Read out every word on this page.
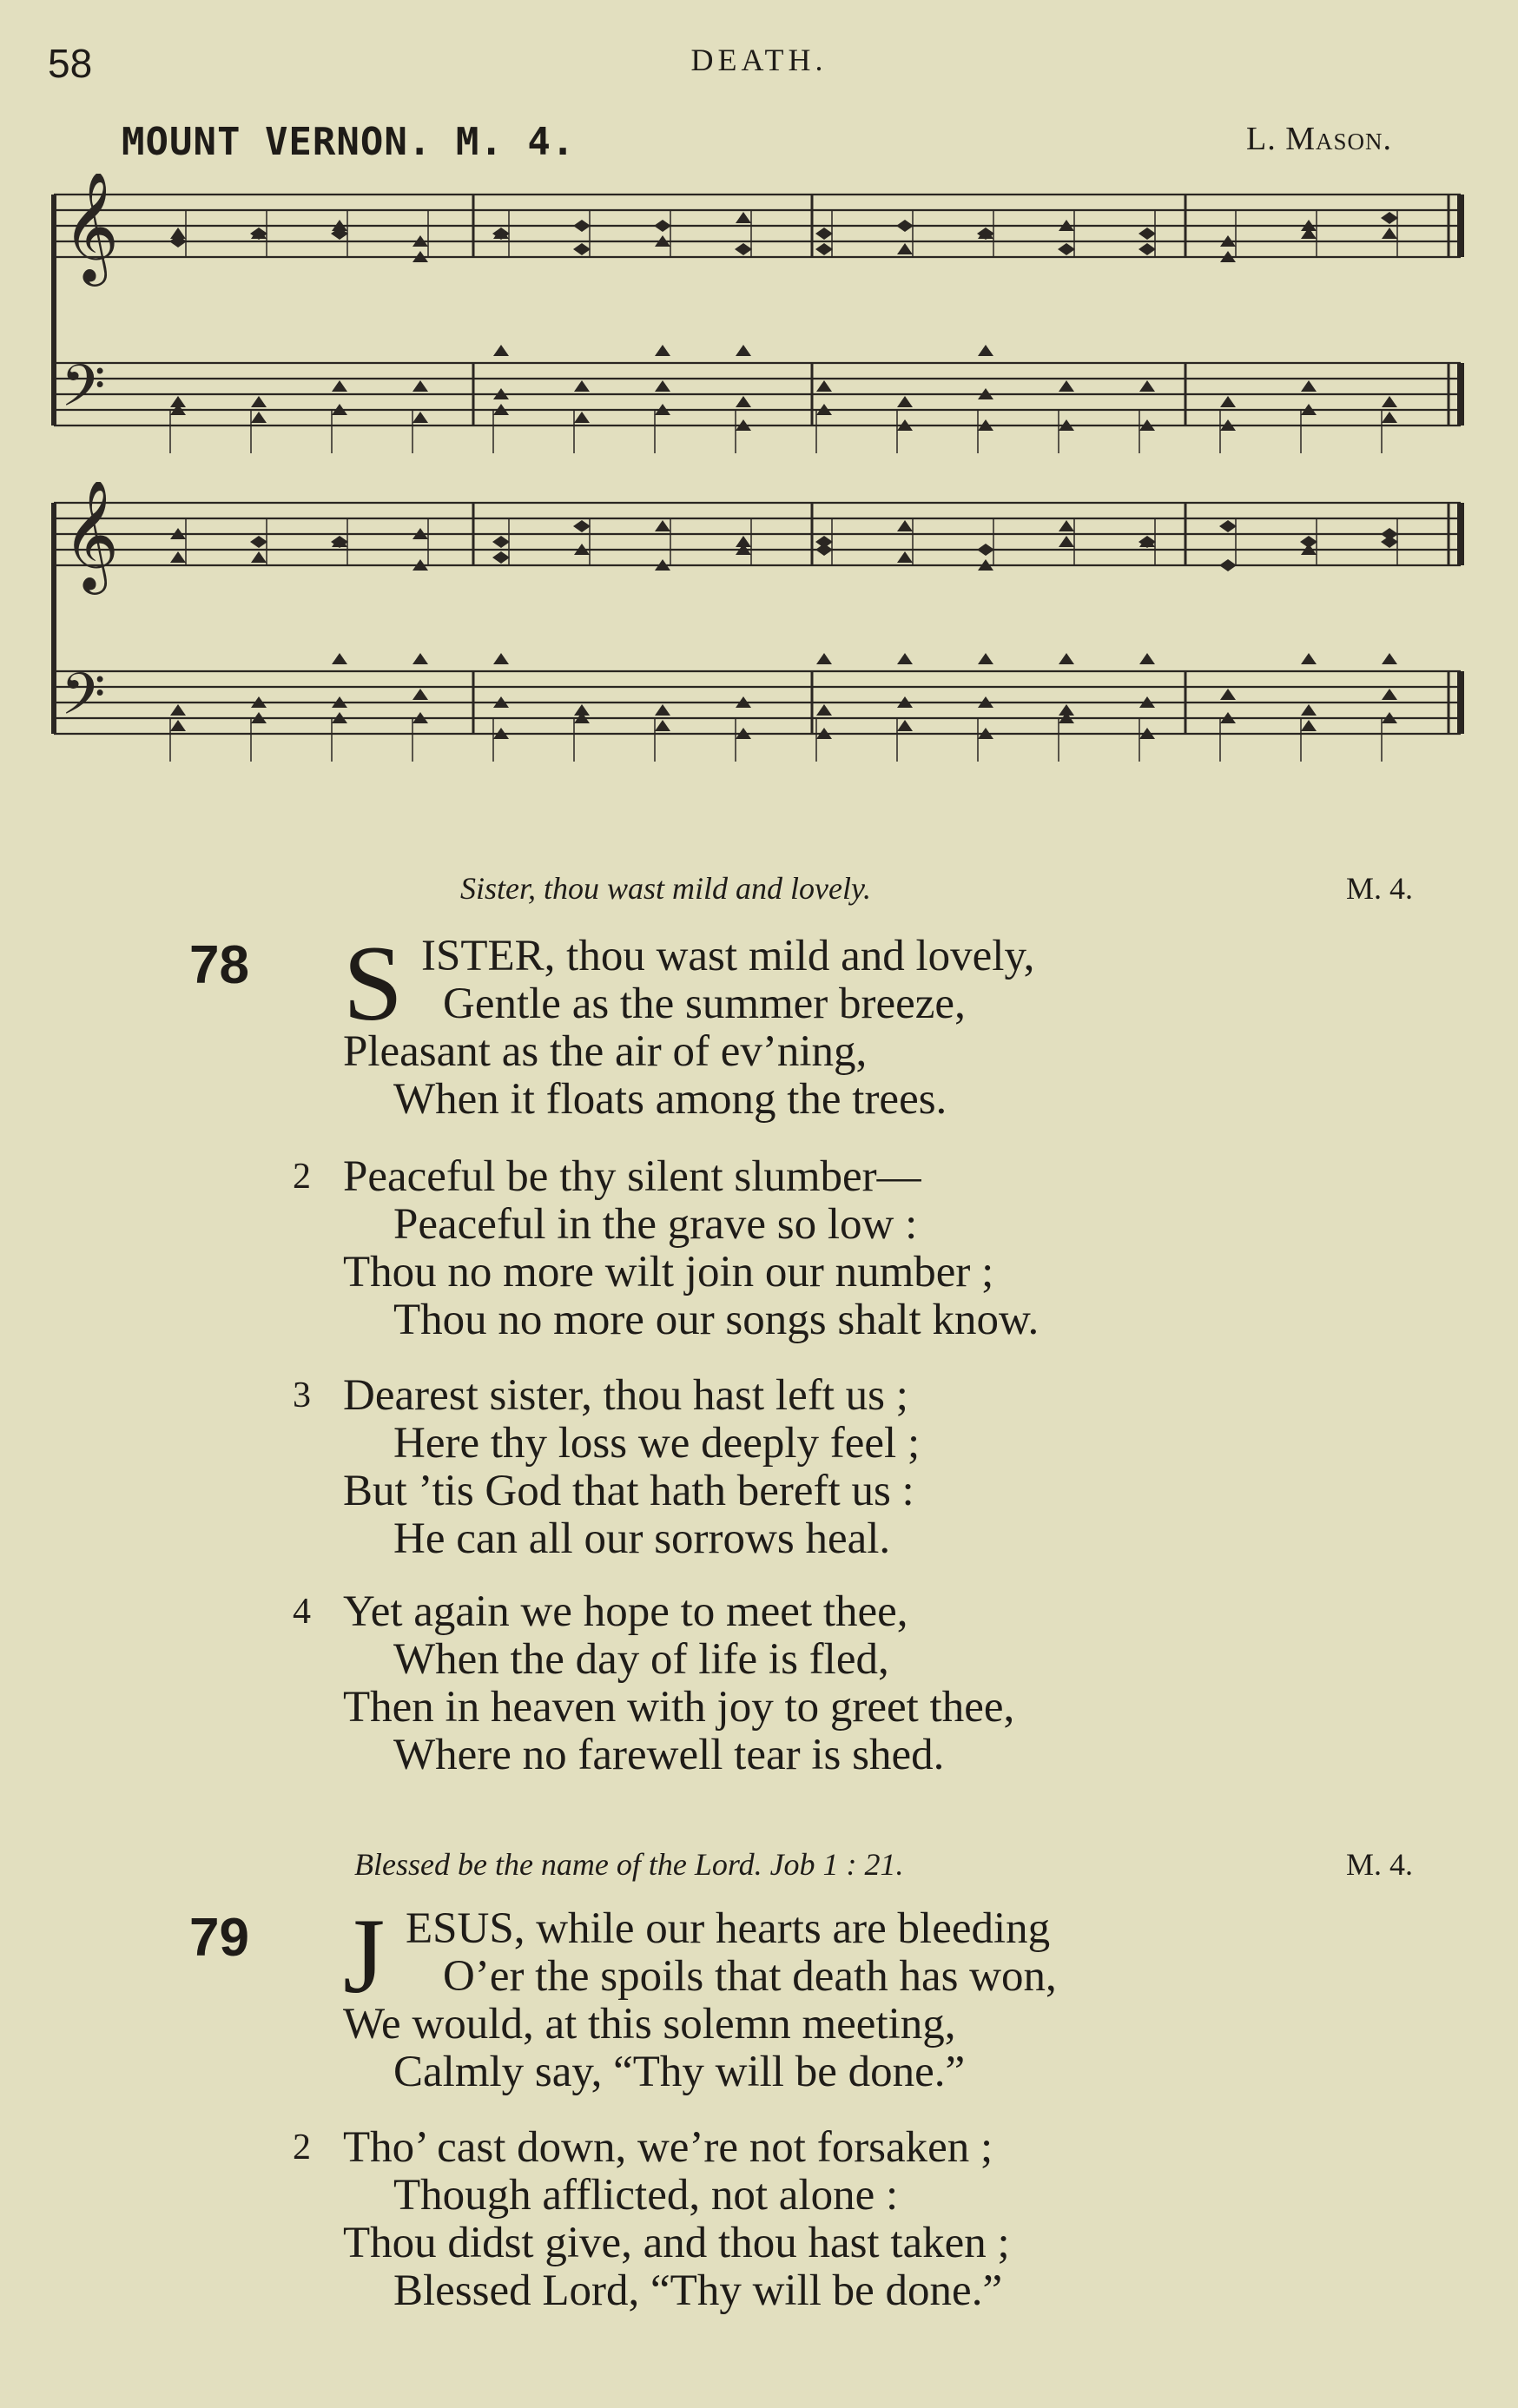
58	DEATH.
MOUNT VERNON. M. 4.	L. Mason.
𝄞
𝄢
𝄞
𝄢
Sister, thou wast mild and lovely.	M. 4.
78 S ISTER, thou wast mild and lovely,
Gentle as the summer breeze,
Pleasant as the air of ev’ning,
When it floats among the trees.
2 Peaceful be thy silent slumber—
Peaceful in the grave so low :
Thou no more wilt join our number ;
Thou no more our songs shalt know.
3 Dearest sister, thou hast left us ;
Here thy loss we deeply feel ;
But ’tis God that hath bereft us :
He can all our sorrows heal.
4 Yet again we hope to meet thee,
When the day of life is fled,
Then in heaven with joy to greet thee,
Where no farewell tear is shed.
Blessed be the name of the Lord. Job 1 : 21.	M. 4.
79 J ESUS, while our hearts are bleeding
O’er the spoils that death has won,
We would, at this solemn meeting,
Calmly say, “Thy will be done.”
2 Tho’ cast down, we’re not forsaken ;
Though afflicted, not alone :
Thou didst give, and thou hast taken ;
Blessed Lord, “Thy will be done.”
